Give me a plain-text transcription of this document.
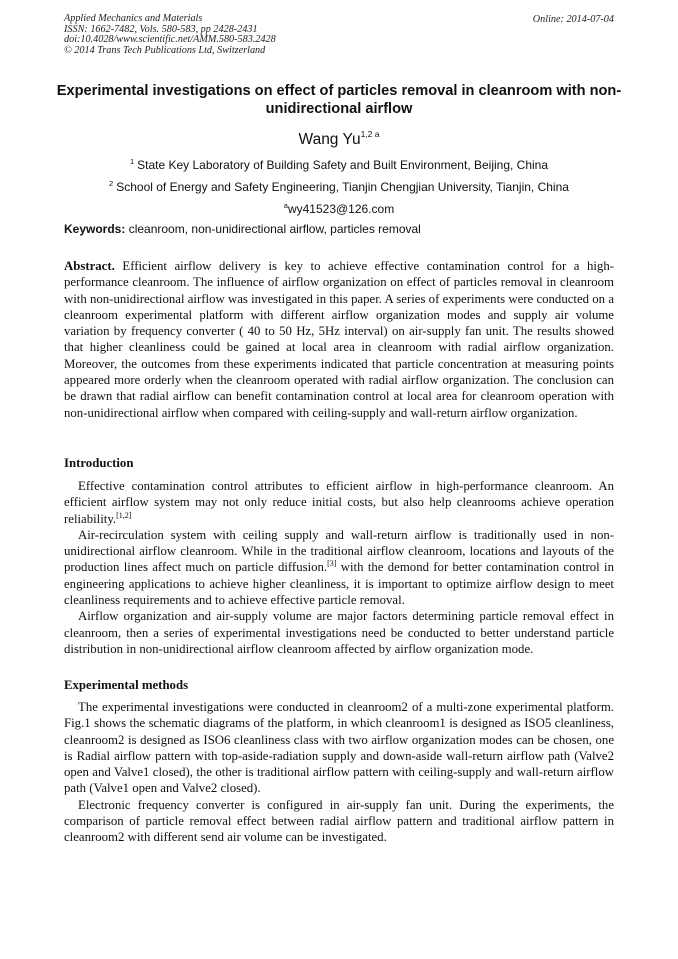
Applied Mechanics and Materials
ISSN: 1662-7482, Vols. 580-583, pp 2428-2431
doi:10.4028/www.scientific.net/AMM.580-583.2428
© 2014 Trans Tech Publications Ltd, Switzerland
Online: 2014-07-04
Experimental investigations on effect of particles removal in cleanroom with non-unidirectional airflow
Wang $Yu^{1,2 a}$
$^1$ State Key Laboratory of Building Safety and Built Environment, Beijing, China
$^2$ School of Energy and Safety Engineering, Tianjin Chengjian University, Tianjin, China
$^a$wy41523@126.com
Keywords: cleanroom, non-unidirectional airflow, particles removal
Abstract. Efficient airflow delivery is key to achieve effective contamination control for a high-performance cleanroom. The influence of airflow organization on effect of particles removal in cleanroom with non-unidirectional airflow was investigated in this paper. A series of experiments were conducted on a cleanroom experimental platform with different airflow organization modes and supply air volume variation by frequency converter ( 40 to 50 Hz, 5Hz interval) on air-supply fan unit. The results showed that higher cleanliness could be gained at local area in cleanroom with radial airflow organization. Moreover, the outcomes from these experiments indicated that particle concentration at measuring points appeared more orderly when the cleanroom operated with radial airflow organization. The conclusion can be drawn that radial airflow can benefit contamination control at local area for cleanroom operation with non-unidirectional airflow when compared with ceiling-supply and wall-return airflow organization.
Introduction

Effective contamination control attributes to efficient airflow in high-performance cleanroom. An efficient airflow system may not only reduce initial costs, but also help cleanrooms achieve operation reliability.[1,2]

Air-recirculation system with ceiling supply and wall-return airflow is traditionally used in non-unidirectional airflow cleanroom. While in the traditional airflow cleanroom, locations and layouts of the production lines affect much on particle diffusion.[3] with the demond for better contamination control in engineering applications to achieve higher cleanliness, it is important to optimize airflow design to meet cleanliness requirements and to achieve effective particle removal.

Airflow organization and air-supply volume are major factors determining particle removal effect in cleanroom, then a series of experimental investigations need be conducted to better understand particle distribution in non-unidirectional airflow cleanroom affected by airflow organization mode.

Experimental methods

The experimental investigations were conducted in cleanroom2 of a multi-zone experimental platform. Fig.1 shows the schematic diagrams of the platform, in which cleanroom1 is designed as ISO5 cleanliness, cleanroom2 is designed as ISO6 cleanliness class with two airflow organization modes can be chosen, one is Radial airflow pattern with top-aside-radiation supply and down-aside wall-return airflow path (Valve2 open and Valve1 closed), the other is traditional airflow pattern with ceiling-supply and wall-return airflow path (Valve1 open and Valve2 closed).

Electronic frequency converter is configured in air-supply fan unit. During the experiments, the comparison of particle removal effect between radial airflow pattern and traditional airflow pattern in cleanroom2 with different send air volume can be investigated.
